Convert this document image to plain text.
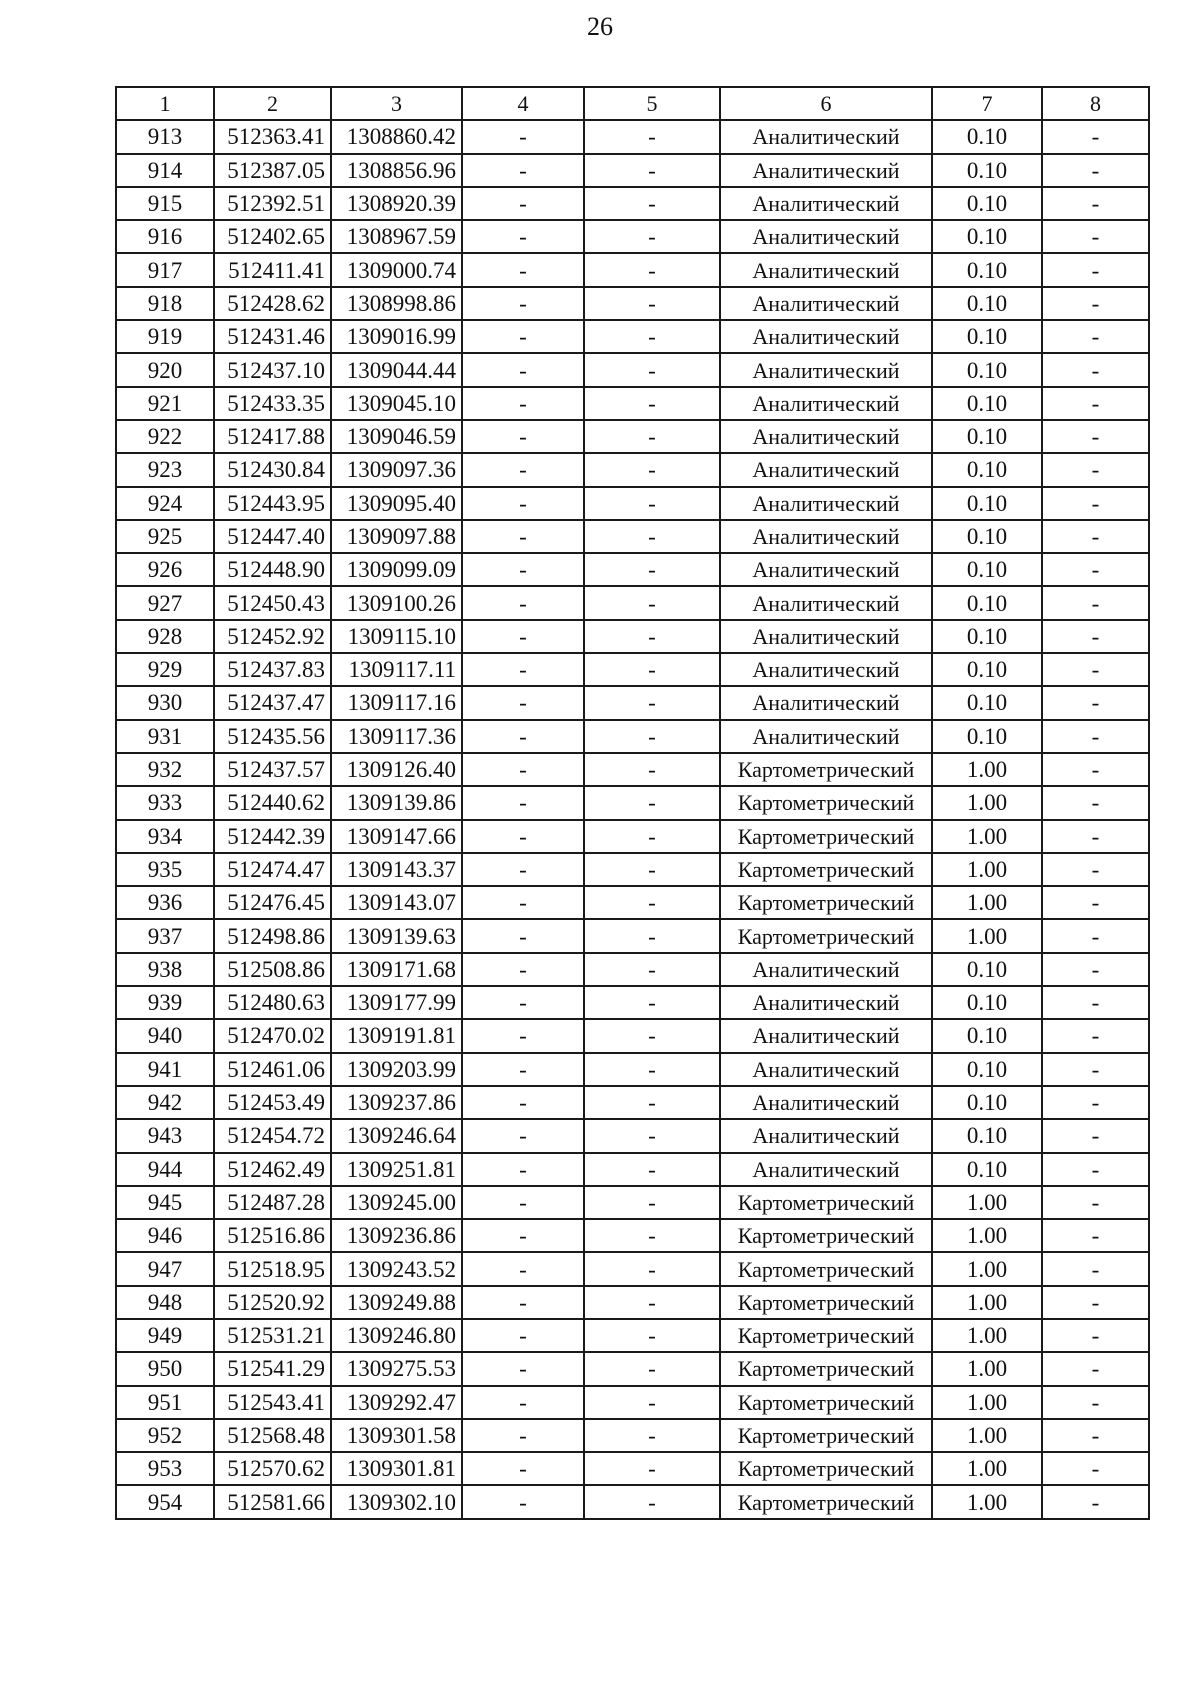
26
1	2	3	4	5	6	7	8
913	512363.41	1308860.42	-	-	Аналитический	0.10	-
914	512387.05	1308856.96	-	-	Аналитический	0.10	-
915	512392.51	1308920.39	-	-	Аналитический	0.10	-
916	512402.65	1308967.59	-	-	Аналитический	0.10	-
917	512411.41	1309000.74	-	-	Аналитический	0.10	-
918	512428.62	1308998.86	-	-	Аналитический	0.10	-
919	512431.46	1309016.99	-	-	Аналитический	0.10	-
920	512437.10	1309044.44	-	-	Аналитический	0.10	-
921	512433.35	1309045.10	-	-	Аналитический	0.10	-
922	512417.88	1309046.59	-	-	Аналитический	0.10	-
923	512430.84	1309097.36	-	-	Аналитический	0.10	-
924	512443.95	1309095.40	-	-	Аналитический	0.10	-
925	512447.40	1309097.88	-	-	Аналитический	0.10	-
926	512448.90	1309099.09	-	-	Аналитический	0.10	-
927	512450.43	1309100.26	-	-	Аналитический	0.10	-
928	512452.92	1309115.10	-	-	Аналитический	0.10	-
929	512437.83	1309117.11	-	-	Аналитический	0.10	-
930	512437.47	1309117.16	-	-	Аналитический	0.10	-
931	512435.56	1309117.36	-	-	Аналитический	0.10	-
932	512437.57	1309126.40	-	-	Картометрический	1.00	-
933	512440.62	1309139.86	-	-	Картометрический	1.00	-
934	512442.39	1309147.66	-	-	Картометрический	1.00	-
935	512474.47	1309143.37	-	-	Картометрический	1.00	-
936	512476.45	1309143.07	-	-	Картометрический	1.00	-
937	512498.86	1309139.63	-	-	Картометрический	1.00	-
938	512508.86	1309171.68	-	-	Аналитический	0.10	-
939	512480.63	1309177.99	-	-	Аналитический	0.10	-
940	512470.02	1309191.81	-	-	Аналитический	0.10	-
941	512461.06	1309203.99	-	-	Аналитический	0.10	-
942	512453.49	1309237.86	-	-	Аналитический	0.10	-
943	512454.72	1309246.64	-	-	Аналитический	0.10	-
944	512462.49	1309251.81	-	-	Аналитический	0.10	-
945	512487.28	1309245.00	-	-	Картометрический	1.00	-
946	512516.86	1309236.86	-	-	Картометрический	1.00	-
947	512518.95	1309243.52	-	-	Картометрический	1.00	-
948	512520.92	1309249.88	-	-	Картометрический	1.00	-
949	512531.21	1309246.80	-	-	Картометрический	1.00	-
950	512541.29	1309275.53	-	-	Картометрический	1.00	-
951	512543.41	1309292.47	-	-	Картометрический	1.00	-
952	512568.48	1309301.58	-	-	Картометрический	1.00	-
953	512570.62	1309301.81	-	-	Картометрический	1.00	-
954	512581.66	1309302.10	-	-	Картометрический	1.00	-
